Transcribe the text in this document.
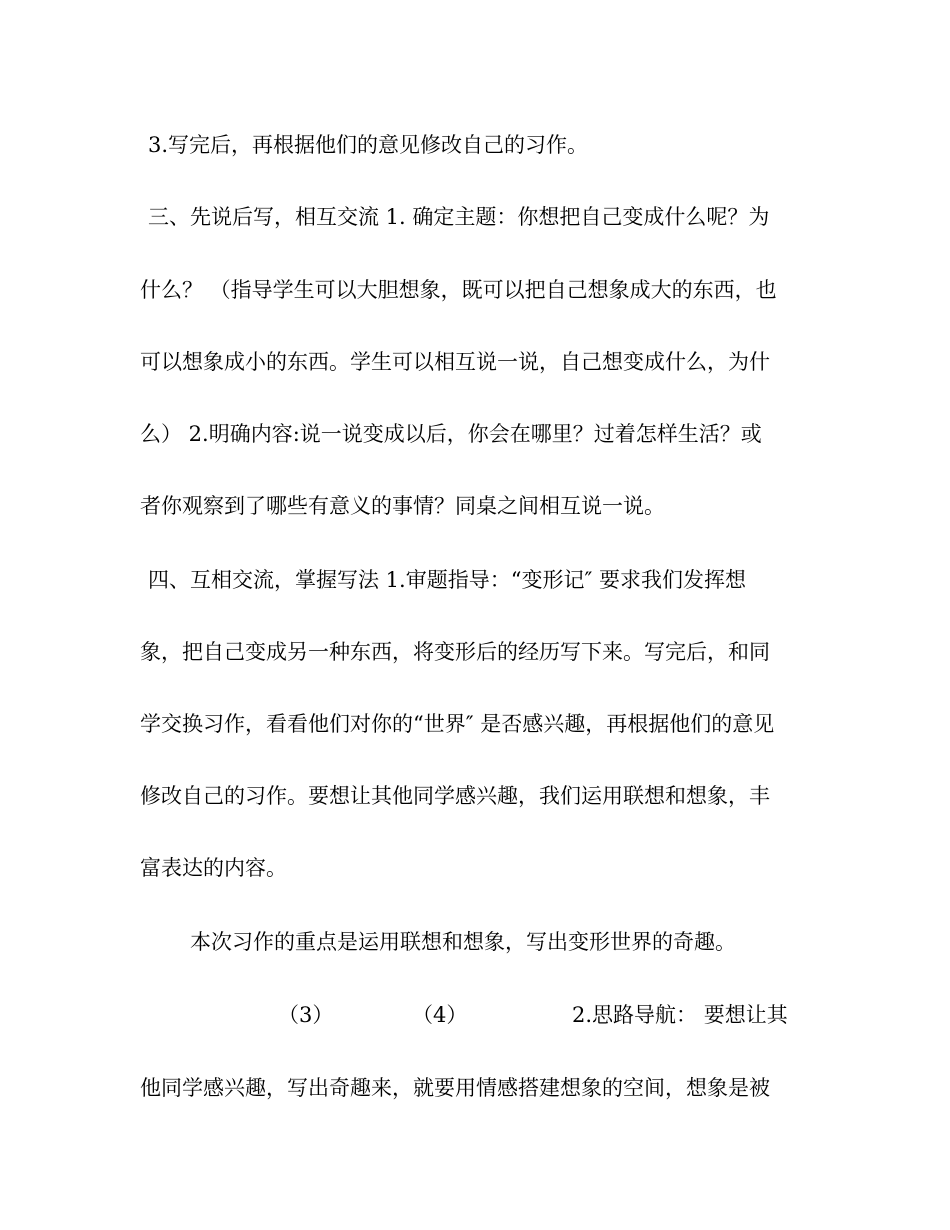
3.写完后，再根据他们的意见修改自己的习作。
三、先说后写，相互交流 1. 确定主题：你想把自己变成什么呢？为
什么？ （指导学生可以大胆想象，既可以把自己想象成大的东西，也
可以想象成小的东西。学生可以相互说一说，自己想变成什么，为什
么） 2.明确内容:说一说变成以后，你会在哪里？过着怎样生活？或
者你观察到了哪些有意义的事情？同桌之间相互说一说。
四、互相交流，掌握写法 1.审题指导：“变形记″ 要求我们发挥想
象，把自己变成另一种东西，将变形后的经历写下来。写完后，和同
学交换习作，看看他们对你的“世界″ 是否感兴趣，再根据他们的意见
修改自己的习作。要想让其他同学感兴趣，我们运用联想和想象，丰
富表达的内容。
本次习作的重点是运用联想和想象，写出变形世界的奇趣。
（3）	（4）	2.思路导航： 要想让其
他同学感兴趣，写出奇趣来，就要用情感搭建想象的空间，想象是被
